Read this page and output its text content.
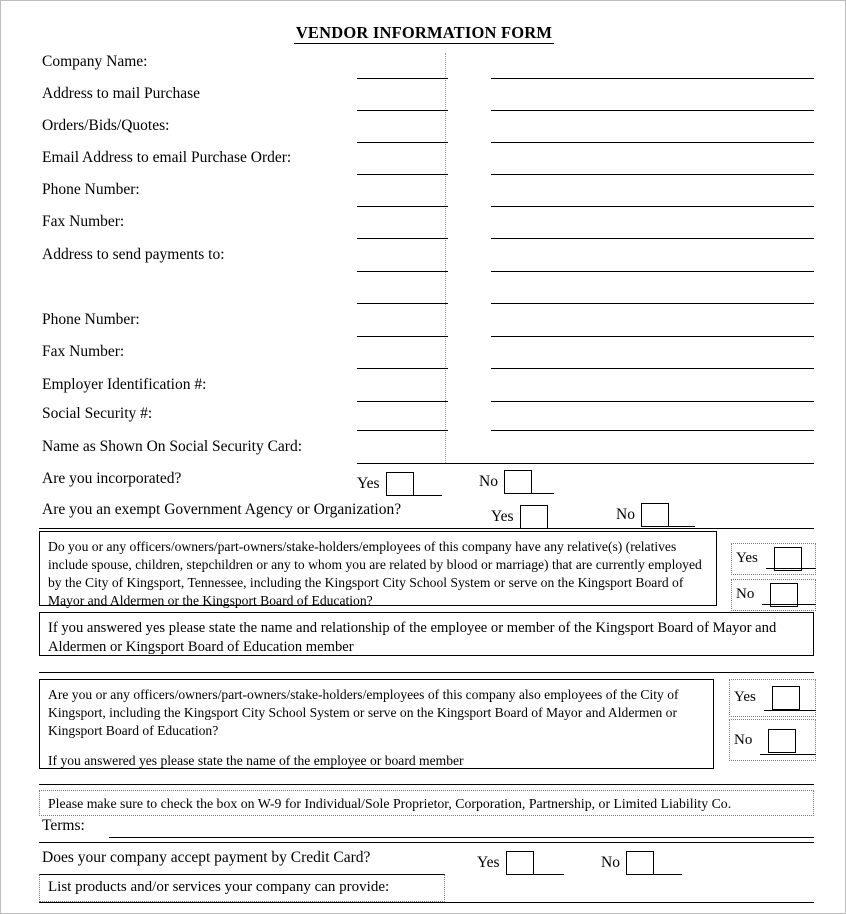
VENDOR INFORMATION FORM
Company Name:
Address to mail Purchase
Orders/Bids/Quotes:
Email Address to email Purchase Order:
Phone Number:
Fax Number:
Address to send payments to:
Phone Number:
Fax Number:
Employer Identification #:
Social Security #:
Name as Shown On Social Security Card:
Are you incorporated?	Yes	No
Are you an exempt Government Agency or Organization?	Yes	No
Do you or any officers/owners/part-owners/stake-holders/employees of this company have any relative(s) (relatives include spouse, children, stepchildren or any to whom you are related by blood or marriage) that are currently employed by the City of Kingsport, Tennessee, including the Kingsport City School System or serve on the Kingsport Board of Mayor and Aldermen or the Kingsport Board of Education?
Yes
No
If you answered yes please state the name and relationship of the employee or member of the Kingsport Board of Mayor and Aldermen or Kingsport Board of Education member
Are you or any officers/owners/part-owners/stake-holders/employees of this company also employees of the City of Kingsport, including the Kingsport City School System or serve on the Kingsport Board of Mayor and Aldermen or Kingsport Board of Education?
If you answered yes please state the name of the employee or board member
Yes
No
Please make sure to check the box on W-9 for Individual/Sole Proprietor, Corporation, Partnership, or Limited Liability Co.
Terms:
Does your company accept payment by Credit Card?	Yes	No
List products and/or services your company can provide:
